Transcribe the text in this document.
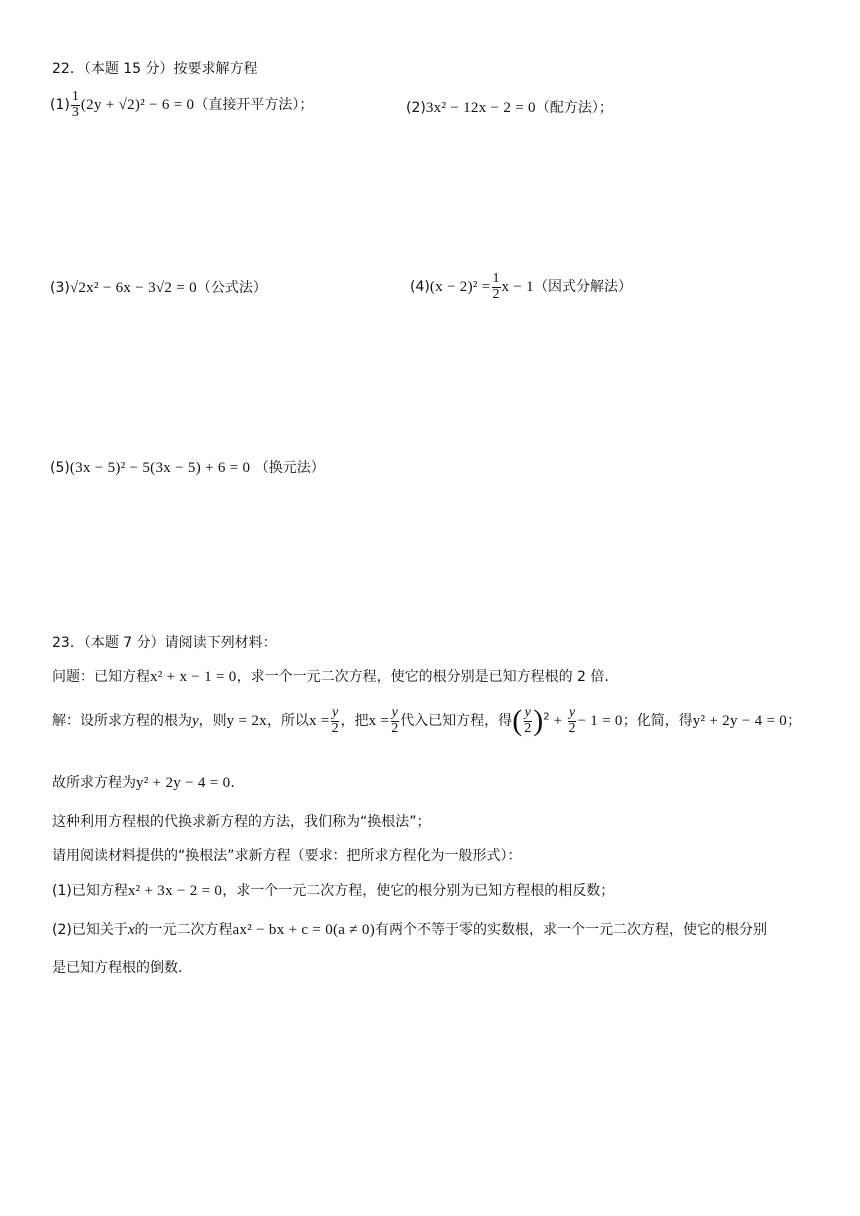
22．（本题 15 分）按要求解方程
$(1) \frac{1}{3} (2y + √2)^2 - 6 = 0$（直接开平方法）；	(2)3x² − 12x − 2 = 0（配方法）；
(3)√2x² − 6x − 3√2 = 0（公式法）	$(4)(x - 2)^2 = \frac{1}{2}$ x − 1（因式分解法）
(5)(3x − 5)² − 5(3x − 5) + 6 = 0 （换元法）
23．（本题 7 分）请阅读下列材料：
问题：已知方程x² + x − 1 = 0，求一个一元二次方程，使它的根分别是已知方程根的 2 倍.
解：设所求方程的根为y，则y = 2x，所以$x = \frac{y}{2}$ ，把$x = \frac{y}{2}$ 代入已知方程，得( $\frac{y}{2} )^2 + \frac{y}{2} - 1 = 0$；化简，得y² + 2y − 4 = 0；
故所求方程为y² + 2y − 4 = 0.
这种利用方程根的代换求新方程的方法，我们称为“换根法”；
请用阅读材料提供的“换根法”求新方程（要求：把所求方程化为一般形式）：
(1)已知方程x² + 3x − 2 = 0，求一个一元二次方程，使它的根分别为已知方程根的相反数；
(2)已知关于x的一元二次方程ax² − bx + c = 0(a ≠ 0)有两个不等于零的实数根，求一个一元二次方程，使它的根分别
是已知方程根的倒数.
